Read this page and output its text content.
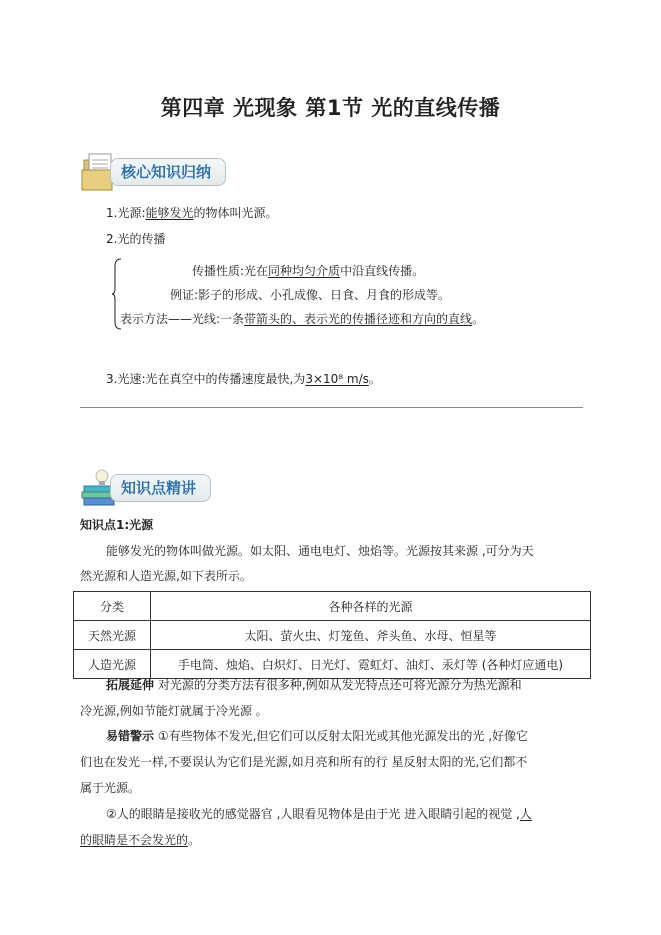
第四章 光现象 第1节 光的直线传播
核心知识归纳
1.光源:能够发光的物体叫光源。
2.光的传播
传播性质:光在同种均匀介质中沿直线传播。
例证:影子的形成、小孔成像、日食、月食的形成等。
表示方法——光线:一条带箭头的、表示光的传播径迹和方向的直线。
3.光速:光在真空中的传播速度最快,为3×10⁸ m/s。
知识点精讲
知识点1:光源
能够发光的物体叫做光源。如太阳、通电电灯、烛焰等。光源按其来源 ,可分为天
然光源和人造光源,如下表所示。
分类	各种各样的光源
天然光源	太阳、萤火虫、灯笼鱼、斧头鱼、水母、恒星等
人造光源	手电筒、烛焰、白炽灯、日光灯、霓虹灯、油灯、汞灯等 (各种灯应通电)
拓展延伸 对光源的分类方法有很多种,例如从发光特点还可将光源分为热光源和
冷光源,例如节能灯就属于冷光源 。
易错警示 ①有些物体不发光,但它们可以反射太阳光或其他光源发出的光 ,好像它
们也在发光一样,不要误认为它们是光源,如月亮和所有的行 星反射太阳的光,它们都不
属于光源。
②人的眼睛是接收光的感觉器官 ,人眼看见物体是由于光 进入眼睛引起的视觉 ,人
的眼睛是不会发光的。
